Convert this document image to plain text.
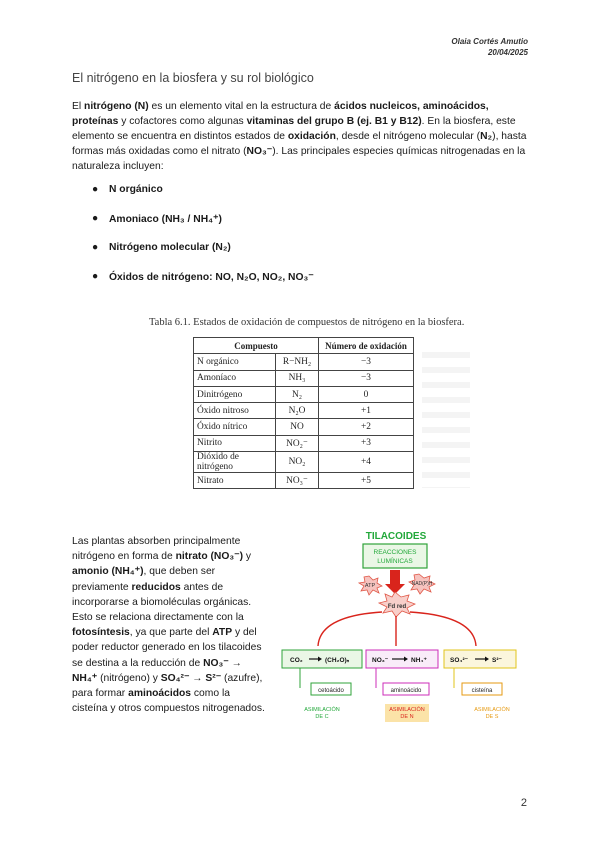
Olaia Cortés Amutio
20/04/2025
El nitrógeno en la biosfera y su rol biológico
El nitrógeno (N) es un elemento vital en la estructura de ácidos nucleicos, aminoácidos, proteínas y cofactores como algunas vitaminas del grupo B (ej. B1 y B12). En la biosfera, este elemento se encuentra en distintos estados de oxidación, desde el nitrógeno molecular (N₂), hasta formas más oxidadas como el nitrato (NO₃⁻). Las principales especies químicas nitrogenadas en la naturaleza incluyen:
● N orgánico
● Amoniaco (NH₃ / NH₄⁺)
● Nitrógeno molecular (N₂)
● Óxidos de nitrógeno: NO, N₂O, NO₂, NO₃⁻
Tabla 6.1. Estados de oxidación de compuestos de nitrógeno en la biosfera.
Compuesto		Número de oxidación
N orgánico	R−NH₂	−3
Amoníaco	NH₃	−3
Dinitrógeno	N₂	0
Óxido nitroso	N₂O	+1
Óxido nítrico	NO	+2
Nitrito	NO₂⁻	+3
Dióxido de nitrógeno	NO₂	+4
Nitrato	NO₃⁻	+5
Las plantas absorben principalmente nitrógeno en forma de nitrato (NO₃⁻) y amonio (NH₄⁺), que deben ser previamente reducidos antes de incorporarse a biomoléculas orgánicas. Esto se relaciona directamente con la fotosíntesis, ya que parte del ATP y del poder reductor generado en los tilacoides se destina a la reducción de NO₃⁻ → NH₄⁺ (nitrógeno) y SO₄²⁻ → S²⁻ (azufre), para formar aminoácidos como la cisteína y otros compuestos nitrogenados.
TILACOIDES
REACCIONES
LUMÍNICAS
ATP	NAD(P)H
Fd red
CO₂	(CH₂O)ₙ	NO₃⁻	NH₄⁺	SO₄²⁻	S²⁻
cetoácido	aminoácido	cisteína
ASIMILACIÓN
DE C
ASIMILACIÓN
DE N
ASIMILACIÓN
DE S
2
